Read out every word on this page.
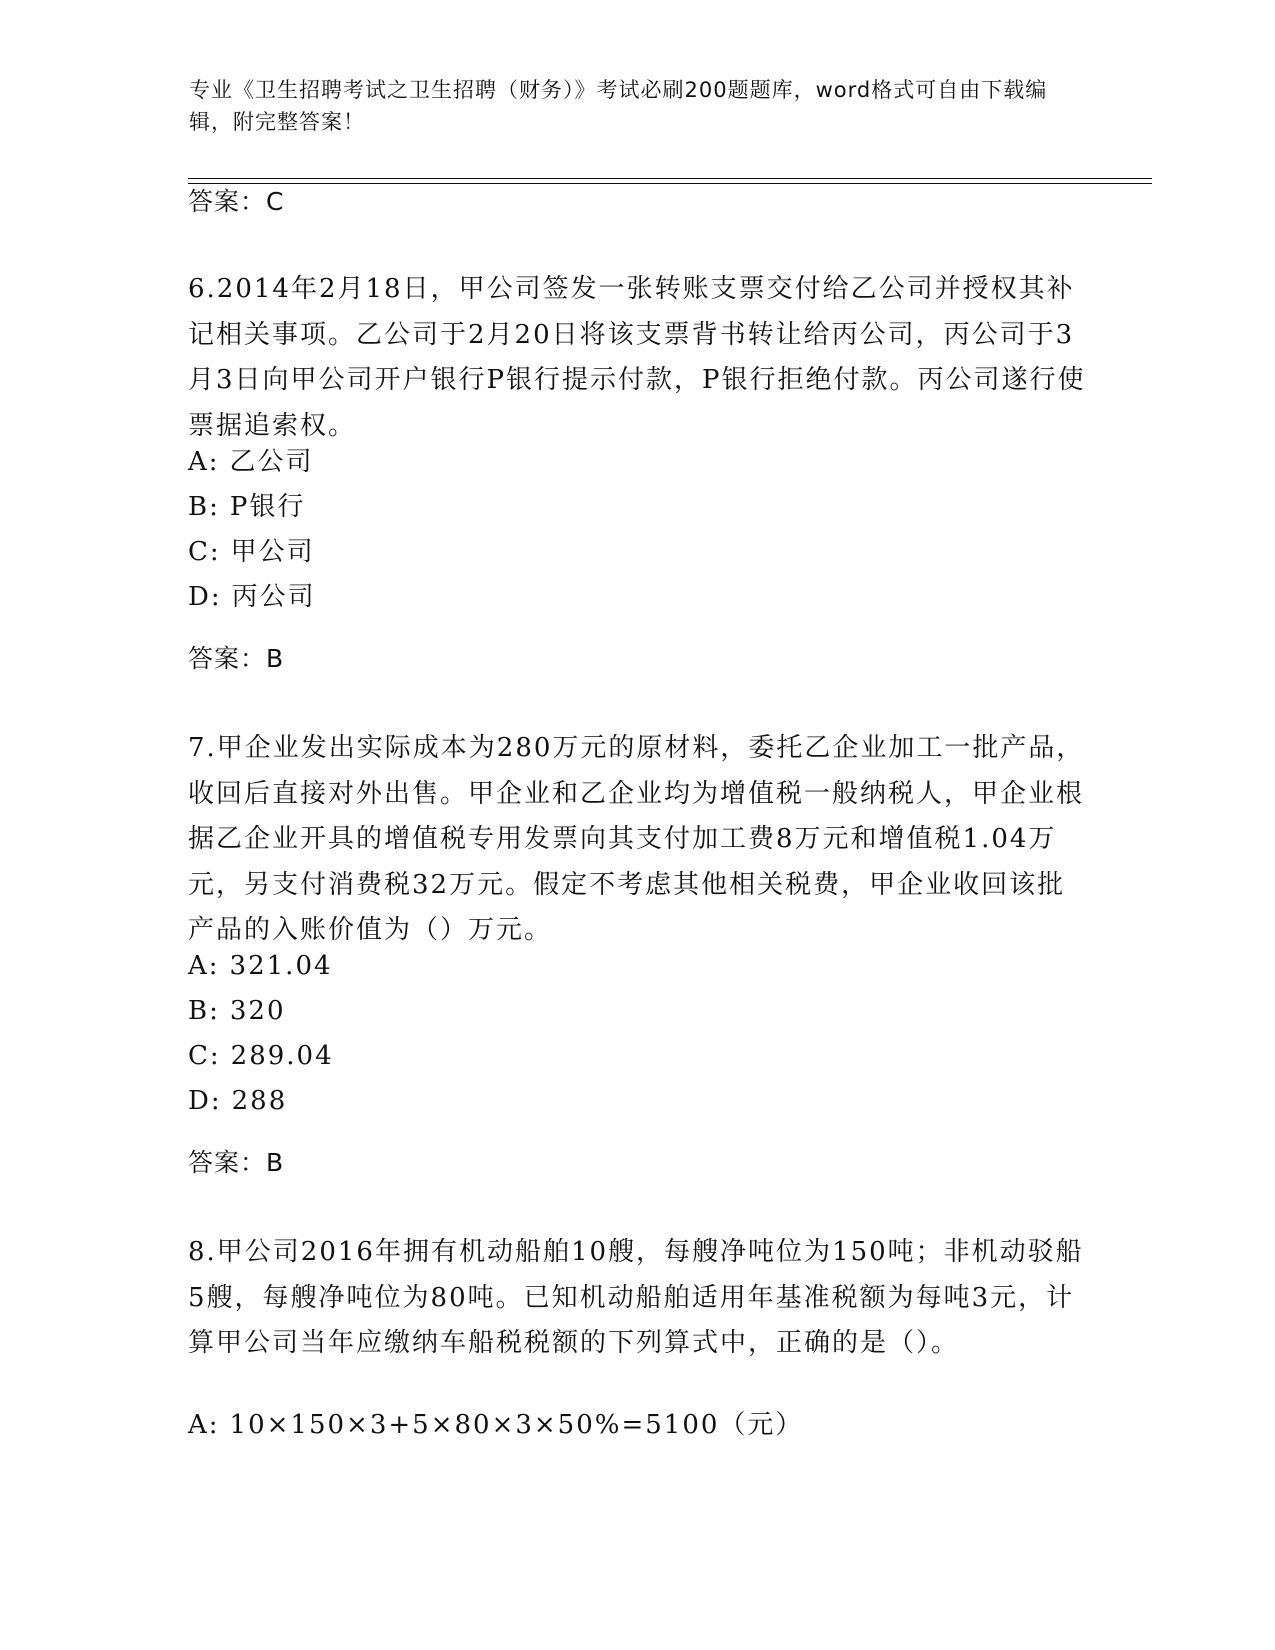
专业《卫生招聘考试之卫生招聘（财务）》考试必刷200题题库，word格式可自由下载编辑，附完整答案！
答案：C

6.2014年2月18日，甲公司签发一张转账支票交付给乙公司并授权其补记相关事项。乙公司于2月20日将该支票背书转让给丙公司，丙公司于3月3日向甲公司开户银行P银行提示付款，P银行拒绝付款。丙公司遂行使票据追索权。

A: 乙公司
B: P银行
C: 甲公司
D: 丙公司
答案：B

7.甲企业发出实际成本为280万元的原材料，委托乙企业加工一批产品，收回后直接对外出售。甲企业和乙企业均为增值税一般纳税人，甲企业根据乙企业开具的增值税专用发票向其支付加工费8万元和增值税1.04万元，另支付消费税32万元。假定不考虑其他相关税费，甲企业收回该批产品的入账价值为（）万元。

A: 321.04
B: 320
C: 289.04
D: 288
答案：B

8.甲公司2016年拥有机动船舶10艘，每艘净吨位为150吨；非机动驳船5艘，每艘净吨位为80吨。已知机动船舶适用年基准税额为每吨3元，计算甲公司当年应缴纳车船税税额的下列算式中，正确的是（）。

A: 10×150×3+5×80×3×50%=5100（元）
